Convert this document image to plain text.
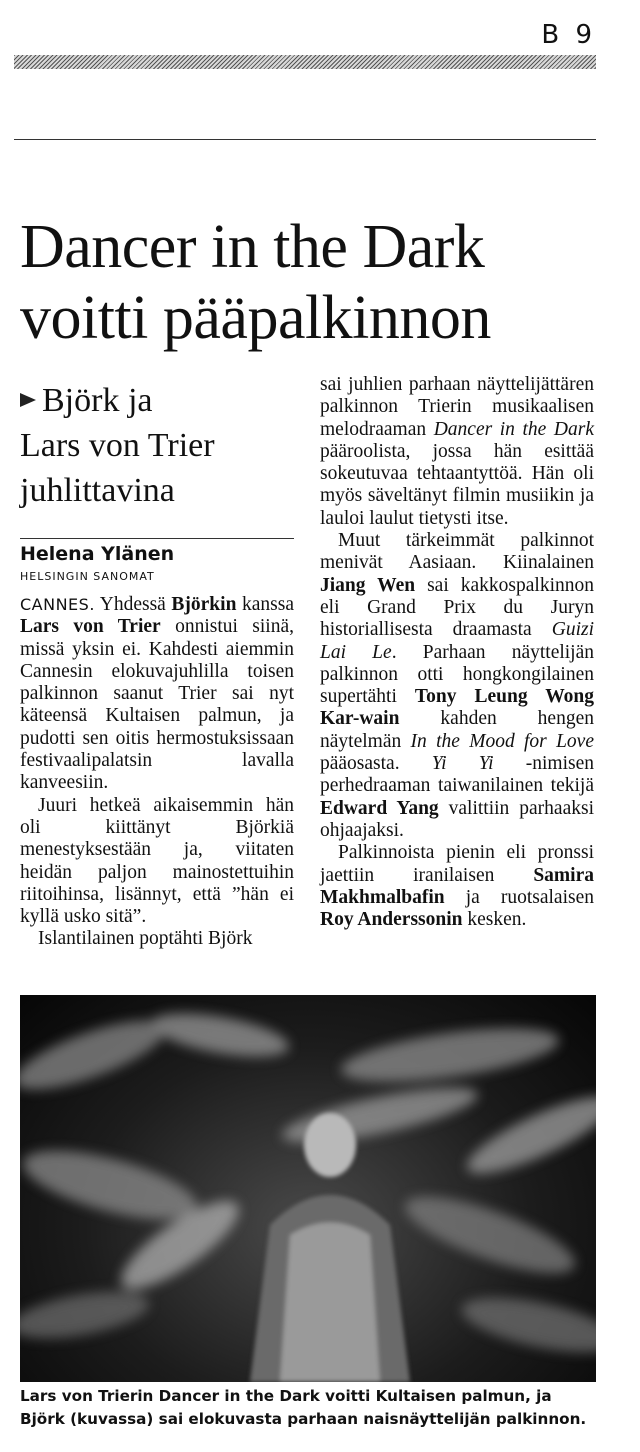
B 9
Dancer in the Dark
voitti pääpalkinnon
Björk ja
Lars von Trier
juhlittavina
Helena Ylänen
HELSINGIN SANOMAT

CANNES. Yhdessä Björkin kanssa Lars von Trier onnistui siinä, missä yksin ei. Kahdesti aiemmin Cannesin elokuvajuhlilla toisen palkinnon saanut Trier sai nyt käteensä Kultaisen palmun, ja pudotti sen oitis hermostuksissaan festivaalipalatsin lavalla kanveesiin.

Juuri hetkeä aikaisemmin hän oli kiittänyt Björkiä menestyksestään ja, viitaten heidän paljon mainostettuihin riitoihinsa, lisännyt, että ”hän ei kyllä usko sitä”.

Islantilainen poptähti Björk

sai juhlien parhaan näyttelijättären palkinnon Trierin musikaalisen melodraaman Dancer in the Dark pääroolista, jossa hän esittää sokeutuvaa tehtaantyttöä. Hän oli myös säveltänyt filmin musiikin ja lauloi laulut tietysti itse.

Muut tärkeimmät palkinnot menivät Aasiaan. Kiinalainen Jiang Wen sai kakkospalkinnon eli Grand Prix du Juryn historiallisesta draamasta Guizi Lai Le. Parhaan näyttelijän palkinnon otti hongkongilainen supertähti Tony Leung Wong Kar-wain kahden hengen näytelmän In the Mood for Love pääosasta. Yi Yi -nimisen perhedraaman taiwanilainen tekijä Edward Yang valittiin parhaaksi ohjaajaksi.

Palkinnoista pienin eli pronssi jaettiin iranilaisen Samira Makhmalbafin ja ruotsalaisen Roy Anderssonin kesken.

Lars von Trierin Dancer in the Dark voitti Kultaisen palmun, ja Björk (kuvassa) sai elokuvasta parhaan naisnäyttelijän palkinnon.
